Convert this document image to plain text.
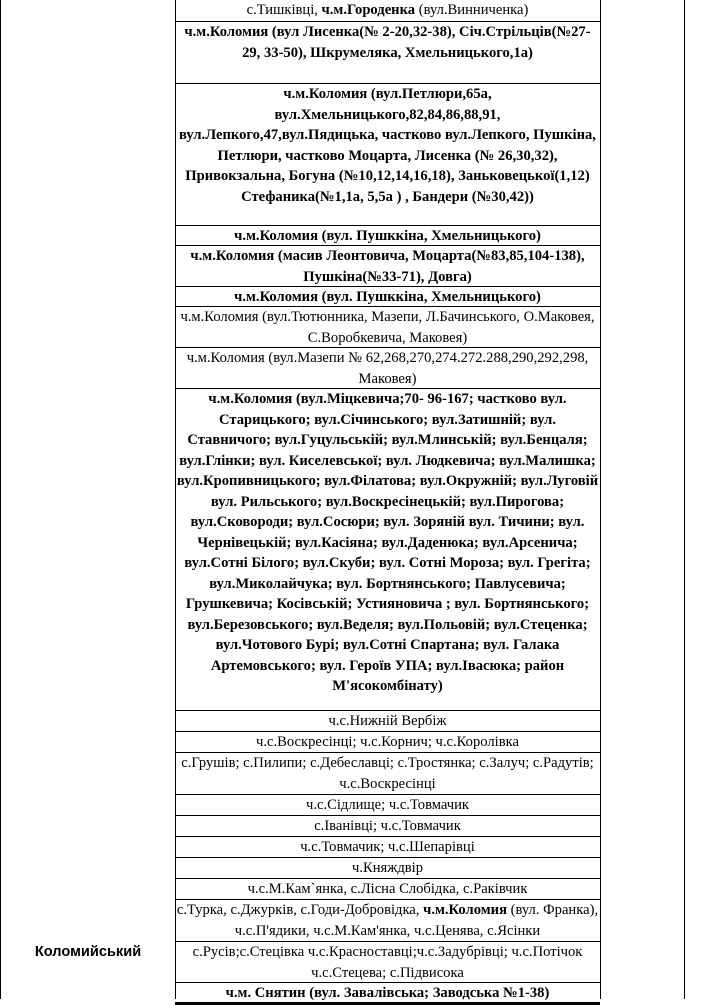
Коломийський
с.Тишківці, ч.м.Городенка (вул.Винниченка)
ч.м.Коломия (вул Лисенка(№ 2-20,32-38), Січ.Стрільців(№27-29, 33-50), Шкрумеляка, Хмельницького,1а)
ч.м.Коломия (вул.Петлюри,65а, вул.Хмельницького,82,84,86,88,91, вул.Лепкого,47,вул.Пядицька, частково вул.Лепкого, Пушкіна, Петлюри, частково Моцарта, Лисенка (№ 26,30,32), Привокзальна, Богуна (№10,12,14,16,18), Заньковецької(1,12) Стефаника(№1,1а, 5,5а ) , Бандери (№30,42))
ч.м.Коломия (вул. Пушккіна, Хмельницького)
ч.м.Коломия (масив Леонтовича, Моцарта(№83,85,104-138), Пушкіна(№33-71), Довга)
ч.м.Коломия (вул. Пушккіна, Хмельницького)
ч.м.Коломия (вул.Тютюнника, Мазепи, Л.Бачинського, О.Маковея, С.Воробкевича, Маковея)
ч.м.Коломия (вул.Мазепи № 62,268,270,274.272.288,290,292,298, Маковея)
ч.м.Коломия (вул.Міцкевича;70- 96-167; частково вул. Старицького; вул.Січинського; вул.Затишній; вул. Ставничого; вул.Гуцульській; вул.Млинській; вул.Бенцаля; вул.Глінки; вул. Киселевської; вул. Людкевича; вул.Малишка; вул.Кропивницького; вул.Філатова; вул.Окружній; вул.Луговій вул. Рильського; вул.Воскресінецькій; вул.Пирогова; вул.Сковороди; вул.Сосюри; вул. Зоряній вул. Тичини; вул. Чернівецькій; вул.Касіяна; вул.Даденюка; вул.Арсенича; вул.Сотні Білого; вул.Скуби; вул. Сотні Мороза; вул. Грегіта; вул.Миколайчука; вул. Бортнянського; Павлусевича; Грушкевича; Косівській; Устияновича ; вул. Бортнянського; вул.Березовського; вул.Веделя; вул.Польовій; вул.Стеценка; вул.Чотового Бурі; вул.Сотні Спартана; вул. Галака Артемовського; вул. Героїв УПА; вул.Івасюка; район М'ясокомбінату)
ч.с.Нижній Вербіж
ч.с.Воскресінці; ч.с.Корнич; ч.с.Королівка
с.Грушів; с.Пилипи; с.Дебеславці; с.Тростянка; с.Залуч; с.Радутів; ч.с.Воскресінці
ч.с.Сідлище; ч.с.Товмачик
с.Іванівці; ч.с.Товмачик
ч.с.Товмачик; ч.с.Шепарівці
ч.Княждвір
ч.с.М.Кам`янка, с.Лісна Слобідка, с.Раківчик
с.Турка, с.Джурків, с.Годи-Добровідка, ч.м.Коломия (вул. Франка), ч.с.П'ядики, ч.с.М.Кам'янка, ч.с.Ценява, с.Ясінки
с.Русів;с.Стецівка ч.с.Красноставці;ч.с.Задубрівці; ч.с.Потічок ч.с.Стецева; с.Підвисока
ч.м. Снятин (вул. Завалівська; Заводська №1-38)
